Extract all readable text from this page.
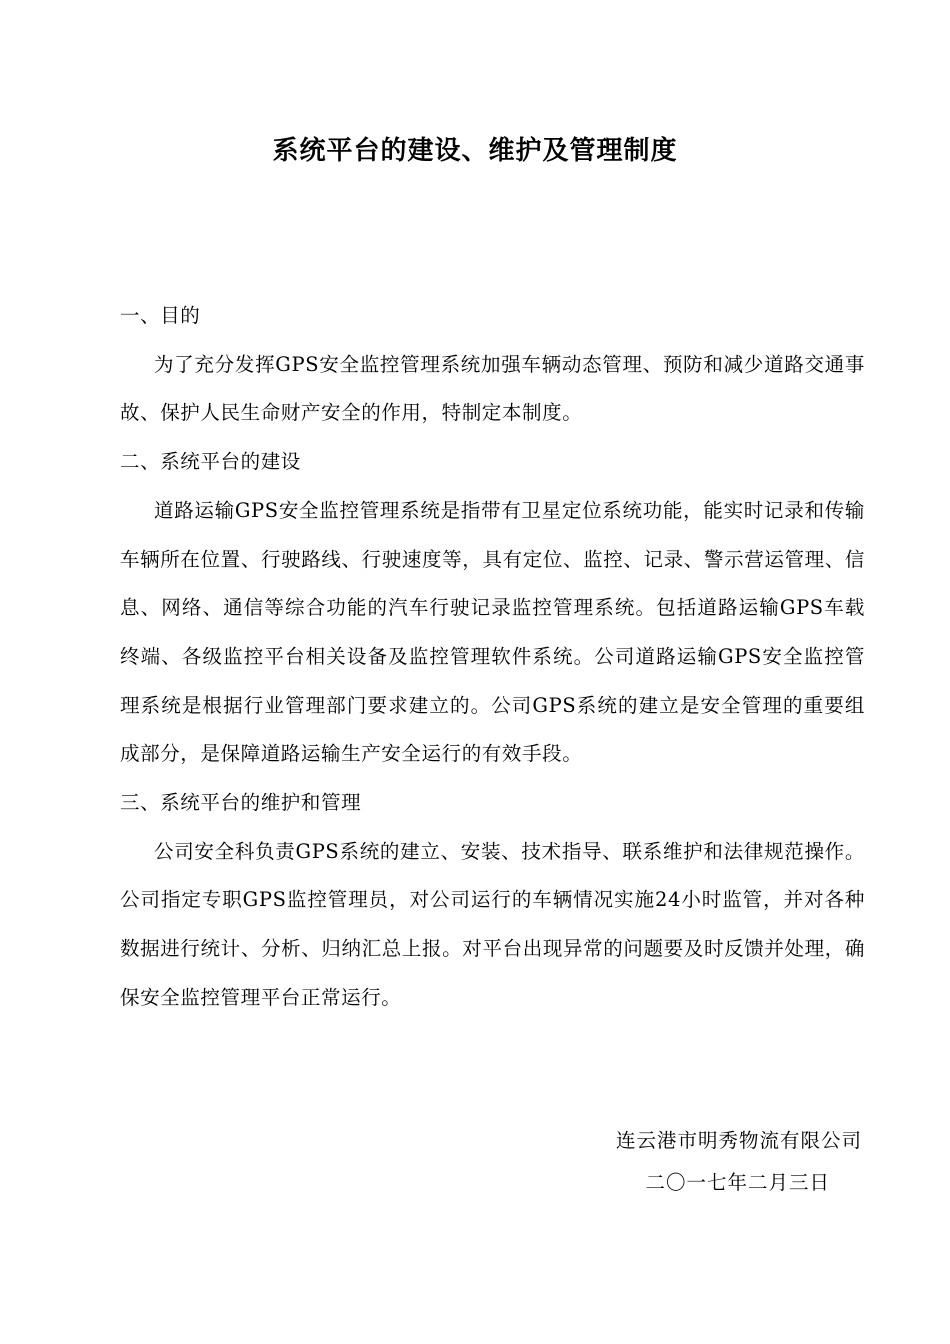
系统平台的建设、维护及管理制度

一、目的

为了充分发挥GPS安全监控管理系统加强车辆动态管理、预防和减少道路交通事故、保护人民生命财产安全的作用，特制定本制度。

二、系统平台的建设

道路运输GPS安全监控管理系统是指带有卫星定位系统功能，能实时记录和传输车辆所在位置、行驶路线、行驶速度等，具有定位、监控、记录、警示营运管理、信息、网络、通信等综合功能的汽车行驶记录监控管理系统。包括道路运输GPS车载终端、各级监控平台相关设备及监控管理软件系统。公司道路运输GPS安全监控管理系统是根据行业管理部门要求建立的。公司GPS系统的建立是安全管理的重要组成部分，是保障道路运输生产安全运行的有效手段。

三、系统平台的维护和管理

公司安全科负责GPS系统的建立、安装、技术指导、联系维护和法律规范操作。公司指定专职GPS监控管理员，对公司运行的车辆情况实施24小时监管，并对各种数据进行统计、分析、归纳汇总上报。对平台出现异常的问题要及时反馈并处理，确保安全监控管理平台正常运行。

连云港市明秀物流有限公司
二〇一七年二月三日
